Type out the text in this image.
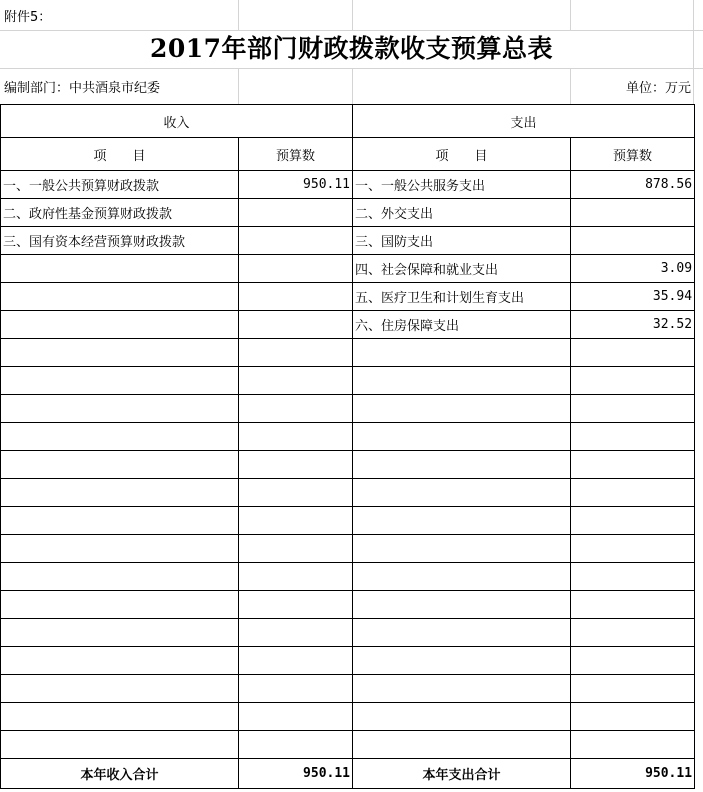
附件5：
2017年部门财政拨款收支预算总表
编制部门：中共酒泉市纪委	单位：万元
收入		支出	
项　　目	预算数	项　　目	预算数
一、一般公共预算财政拨款	950.11	一、一般公共服务支出	878.56
二、政府性基金预算财政拨款		二、外交支出	
三、国有资本经营预算财政拨款		三、国防支出	
		四、社会保障和就业支出	3.09
		五、医疗卫生和计划生育支出	35.94
		六、住房保障支出	32.52

本年收入合计	950.11	本年支出合计	950.11
